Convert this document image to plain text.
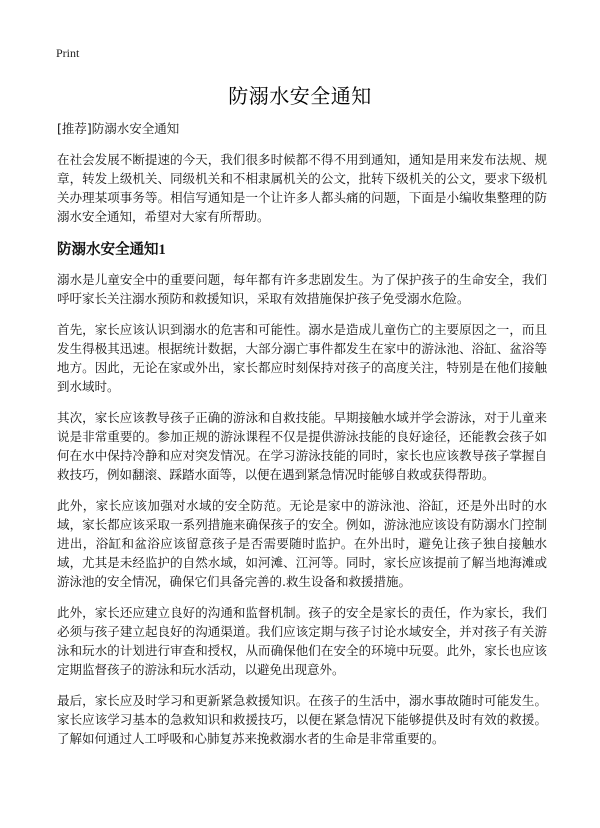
Print
防溺水安全通知

[推荐]防溺水安全通知

在社会发展不断提速的今天，我们很多时候都不得不用到通知，通知是用来发布法规、规章，转发上级机关、同级机关和不相隶属机关的公文，批转下级机关的公文，要求下级机关办理某项事务等。相信写通知是一个让许多人都头痛的问题，下面是小编收集整理的防溺水安全通知，希望对大家有所帮助。

防溺水安全通知1

溺水是儿童安全中的重要问题，每年都有许多悲剧发生。为了保护孩子的生命安全，我们呼吁家长关注溺水预防和救援知识，采取有效措施保护孩子免受溺水危险。

首先，家长应该认识到溺水的危害和可能性。溺水是造成儿童伤亡的主要原因之一，而且发生得极其迅速。根据统计数据，大部分溺亡事件都发生在家中的游泳池、浴缸、盆浴等地方。因此，无论在家或外出，家长都应时刻保持对孩子的高度关注，特别是在他们接触到水域时。

其次，家长应该教导孩子正确的游泳和自救技能。早期接触水域并学会游泳，对于儿童来说是非常重要的。参加正规的游泳课程不仅是提供游泳技能的良好途径，还能教会孩子如何在水中保持冷静和应对突发情况。在学习游泳技能的同时，家长也应该教导孩子掌握自救技巧，例如翻滚、踩踏水面等，以便在遇到紧急情况时能够自救或获得帮助。

此外，家长应该加强对水域的安全防范。无论是家中的游泳池、浴缸，还是外出时的水域，家长都应该采取一系列措施来确保孩子的安全。例如，游泳池应该设有防溺水门控制进出，浴缸和盆浴应该留意孩子是否需要随时监护。在外出时，避免让孩子独自接触水域，尤其是未经监护的自然水域，如河滩、江河等。同时，家长应该提前了解当地海滩或游泳池的安全情况，确保它们具备完善的.救生设备和救援措施。

此外，家长还应建立良好的沟通和监督机制。孩子的安全是家长的责任，作为家长，我们必须与孩子建立起良好的沟通渠道。我们应该定期与孩子讨论水域安全，并对孩子有关游泳和玩水的计划进行审查和授权，从而确保他们在安全的环境中玩耍。此外，家长也应该定期监督孩子的游泳和玩水活动，以避免出现意外。

最后，家长应及时学习和更新紧急救援知识。在孩子的生活中，溺水事故随时可能发生。家长应该学习基本的急救知识和救援技巧，以便在紧急情况下能够提供及时有效的救援。了解如何通过人工呼吸和心肺复苏来挽救溺水者的生命是非常重要的。
